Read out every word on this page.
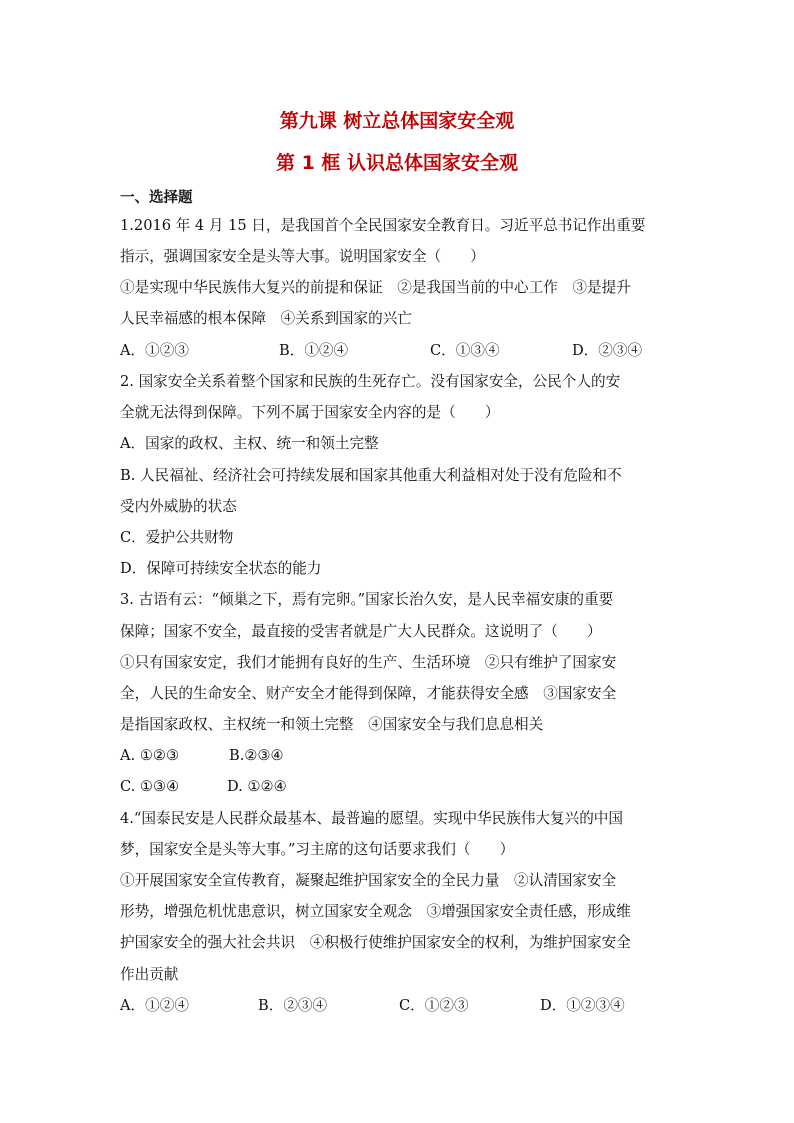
第九课 树立总体国家安全观
第 1 框 认识总体国家安全观
一、选择题
1.2016 年 4 月 15 日，是我国首个全民国家安全教育日。习近平总书记作出重要
指示，强调国家安全是头等大事。说明国家安全（　　）
①是实现中华民族伟大复兴的前提和保证　②是我国当前的中心工作　③是提升
人民幸福感的根本保障　④关系到国家的兴亡
A．①②③	B．①②④	C．①③④	D．②③④
2. 国家安全关系着整个国家和民族的生死存亡。没有国家安全，公民个人的安
全就无法得到保障。下列不属于国家安全内容的是（　　）
A．国家的政权、主权、统一和领土完整
B. 人民福祉、经济社会可持续发展和国家其他重大利益相对处于没有危险和不
受内外威胁的状态
C．爱护公共财物
D．保障可持续安全状态的能力
3. 古语有云：“倾巢之下，焉有完卵。”国家长治久安，是人民幸福安康的重要
保障；国家不安全，最直接的受害者就是广大人民群众。这说明了（　　）
①只有国家安定，我们才能拥有良好的生产、生活环境　②只有维护了国家安
全，人民的生命安全、财产安全才能得到保障，才能获得安全感　③国家安全
是指国家政权、主权统一和领土完整　④国家安全与我们息息相关
A. ①②③	B.②③④
C. ①③④	D. ①②④
4.“国泰民安是人民群众最基本、最普遍的愿望。实现中华民族伟大复兴的中国
梦，国家安全是头等大事。”习主席的这句话要求我们（　　）
①开展国家安全宣传教育，凝聚起维护国家安全的全民力量　②认清国家安全
形势，增强危机忧患意识，树立国家安全观念　③增强国家安全责任感，形成维
护国家安全的强大社会共识　④积极行使维护国家安全的权利，为维护国家安全
作出贡献
A．①②④	B．②③④	C．①②③	D．①②③④
